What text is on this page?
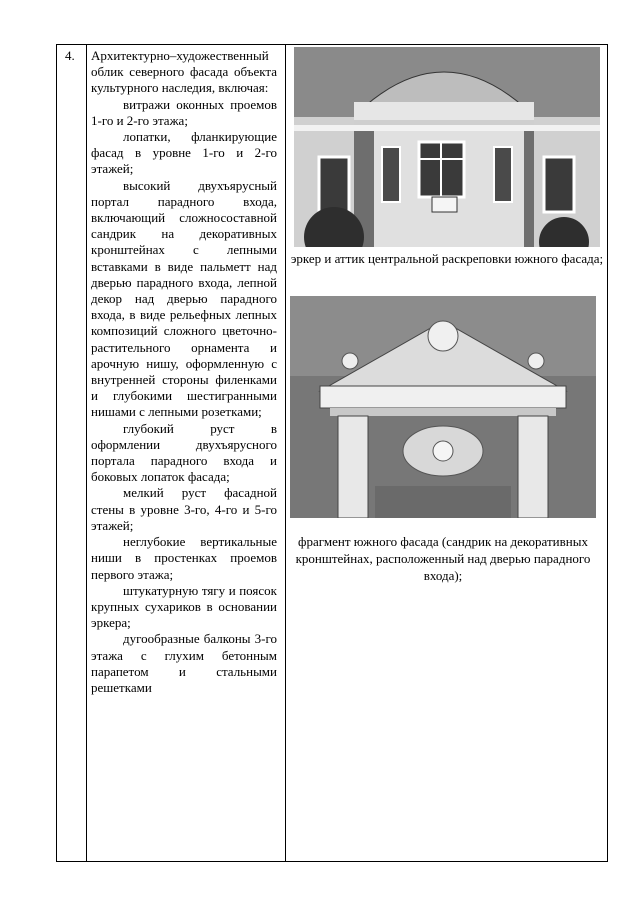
4. Архитектурно–художественный облик северного фасада объекта культурного наследия, включая:

витражи оконных проемов 1-го и 2-го этажа;

лопатки, фланкирующие фасад в уровне 1-го и 2-го этажей;

высокий двухъярусный портал парадного входа, включающий сложносоставной сандрик на декоративных кронштейнах с лепными вставками в виде пальметт над дверью парадного входа, лепной декор над дверью парадного входа, в виде рельефных лепных композиций сложного цветочно-растительного орнамента и арочную нишу, оформленную с внутренней стороны филенками и глубокими шестигранными нишами с лепными розетками;

глубокий руст в оформлении двухъярусного портала парадного входа и боковых лопаток фасада;

мелкий руст фасадной стены в уровне 3-го, 4-го и 5-го этажей;

неглубокие вертикальные ниши в простенках проемов первого этажа;

штукатурную тягу и поясок крупных сухариков в основании эркера;

дугообразные балконы 3-го этажа с глухим бетонным парапетом и стальными решетками

эркер и аттик центральной раскреповки южного фасада;
фрагмент южного фасада (сандрик на декоративных кронштейнах, расположенный над дверью парадного входа);
